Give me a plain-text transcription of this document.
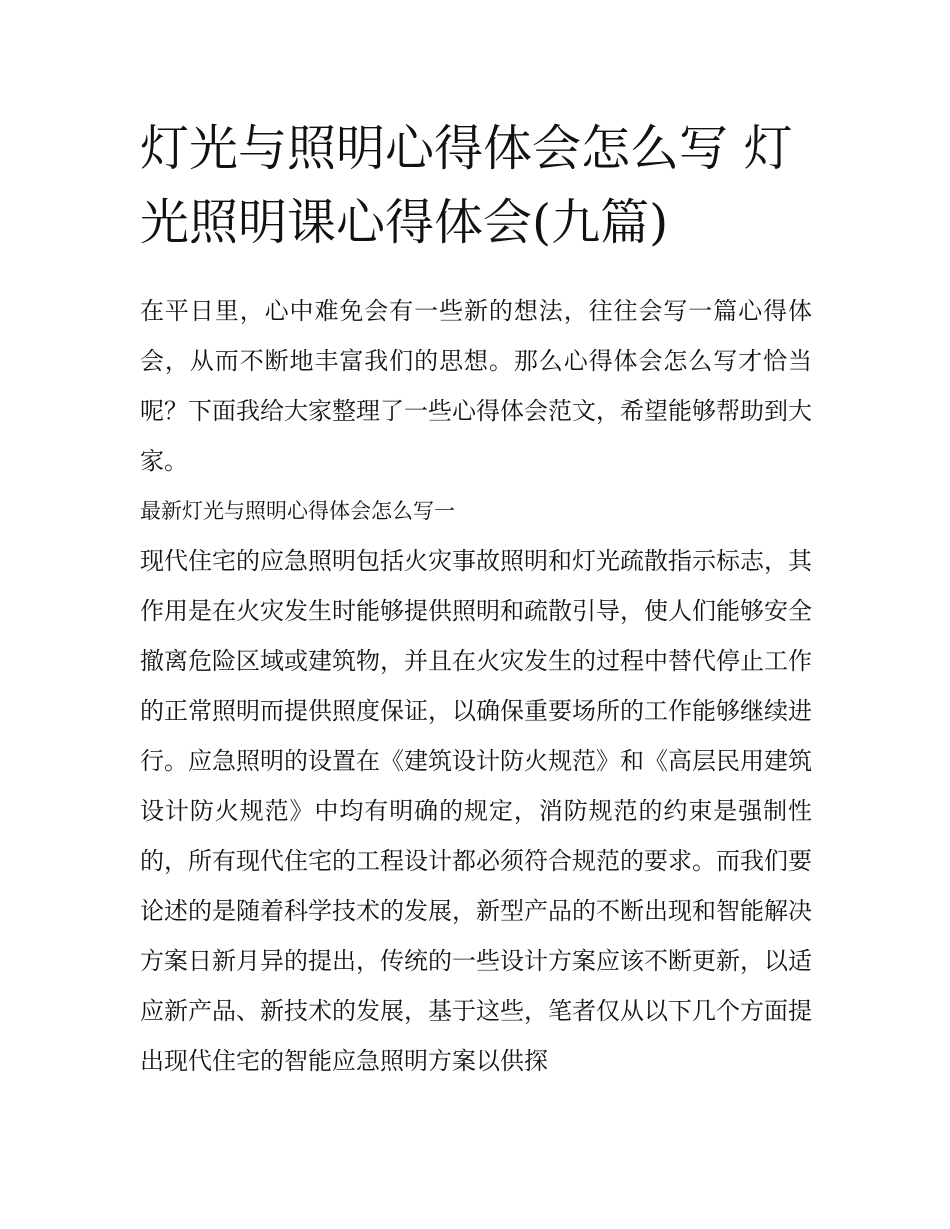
灯光与照明心得体会怎么写 灯光照明课心得体会(九篇)

在平日里，心中难免会有一些新的想法，往往会写一篇心得体会，从而不断地丰富我们的思想。那么心得体会怎么写才恰当呢？下面我给大家整理了一些心得体会范文，希望能够帮助到大家。

最新灯光与照明心得体会怎么写一

现代住宅的应急照明包括火灾事故照明和灯光疏散指示标志，其作用是在火灾发生时能够提供照明和疏散引导，使人们能够安全撤离危险区域或建筑物，并且在火灾发生的过程中替代停止工作的正常照明而提供照度保证，以确保重要场所的工作能够继续进行。应急照明的设置在《建筑设计防火规范》和《高层民用建筑设计防火规范》中均有明确的规定，消防规范的约束是强制性的，所有现代住宅的工程设计都必须符合规范的要求。而我们要论述的是随着科学技术的发展，新型产品的不断出现和智能解决方案日新月异的提出，传统的一些设计方案应该不断更新，以适应新产品、新技术的发展，基于这些，笔者仅从以下几个方面提出现代住宅的智能应急照明方案以供探
